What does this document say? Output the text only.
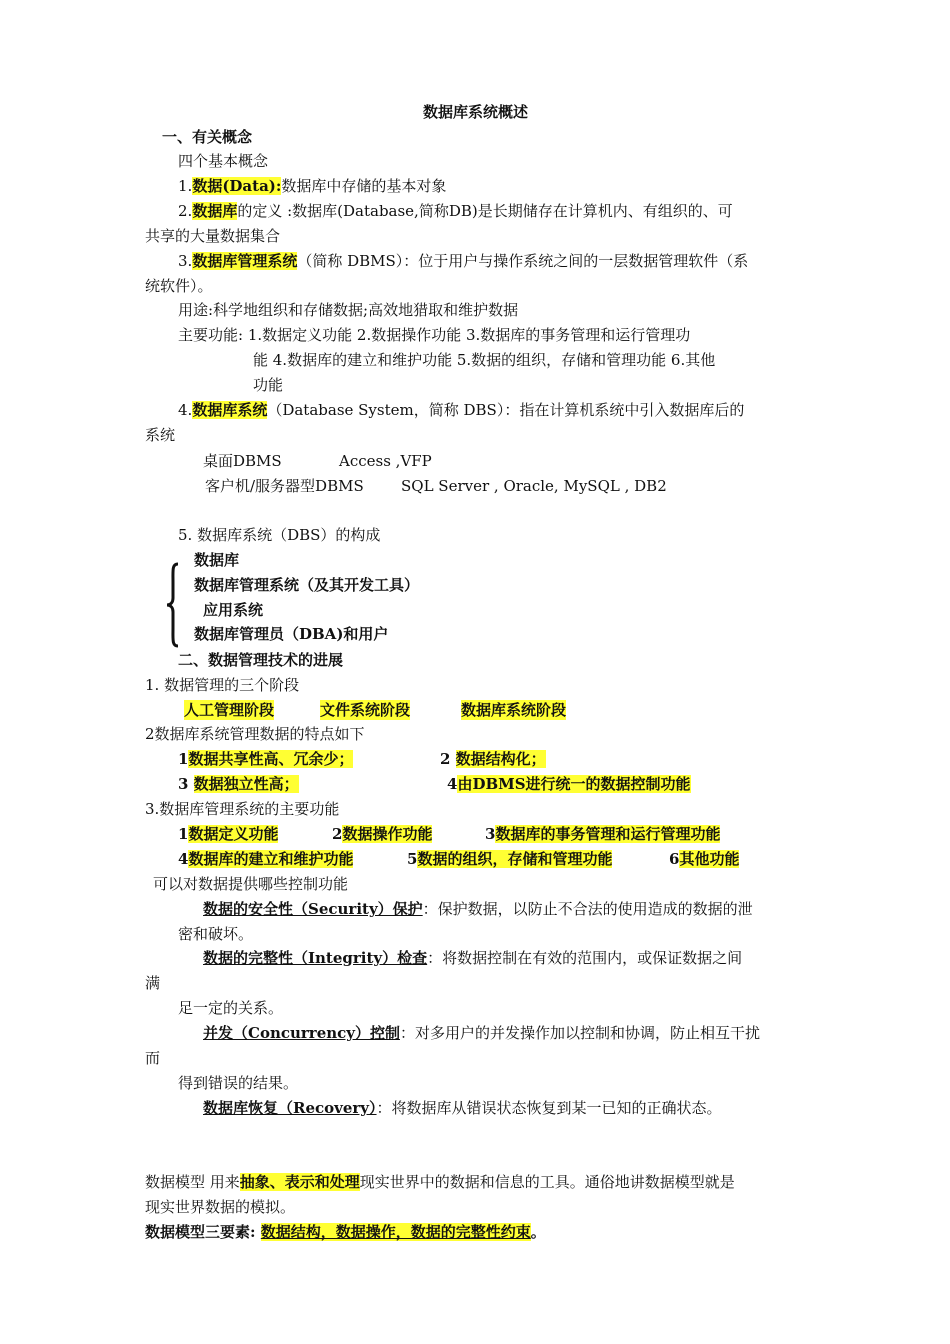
数据库系统概述
一、有关概念
四个基本概念
1.数据(Data):数据库中存储的基本对象
2.数据库的定义 :数据库(Database,简称DB)是长期储存在计算机内、有组织的、可
共享的大量数据集合
3.数据库管理系统（简称 DBMS）：位于用户与操作系统之间的一层数据管理软件（系
统软件）。
用途:科学地组织和存储数据;高效地猎取和维护数据
主要功能: 1.数据定义功能 2.数据操作功能 3.数据库的事务管理和运行管理功
能 4.数据库的建立和维护功能 5.数据的组织，存储和管理功能 6.其他
功能
4.数据库系统（Database System，简称 DBS）：指在计算机系统中引入数据库后的
系统
桌面DBMS	Access ,VFP
客户机/服务器型DBMS SQL Server , Oracle, MySQL , DB2
5. 数据库系统（DBS）的构成
数据库
数据库管理系统（及其开发工具）
应用系统
数据库管理员（DBA)和用户
二、数据管理技术的进展
1. 数据管理的三个阶段
人工管理阶段	文件系统阶段	数据库系统阶段
2数据库系统管理数据的特点如下
1数据共享性高、冗余少；	2 数据结构化；
3 数据独立性高；	4由DBMS进行统一的数据控制功能
3.数据库管理系统的主要功能
1数据定义功能	2数据操作功能	3数据库的事务管理和运行管理功能
4数据库的建立和维护功能	5数据的组织，存储和管理功能	6其他功能
可以对数据提供哪些控制功能
数据的安全性（Security）保护：保护数据，以防止不合法的使用造成的数据的泄
密和破坏。
数据的完整性（Integrity）检查：将数据控制在有效的范围内，或保证数据之间
满
足一定的关系。
并发（Concurrency）控制：对多用户的并发操作加以控制和协调，防止相互干扰
而
得到错误的结果。
数据库恢复（Recovery）：将数据库从错误状态恢复到某一已知的正确状态。
数据模型 用来抽象、表示和处理现实世界中的数据和信息的工具。通俗地讲数据模型就是
现实世界数据的模拟。
数据模型三要素: 数据结构，数据操作，数据的完整性约束。
